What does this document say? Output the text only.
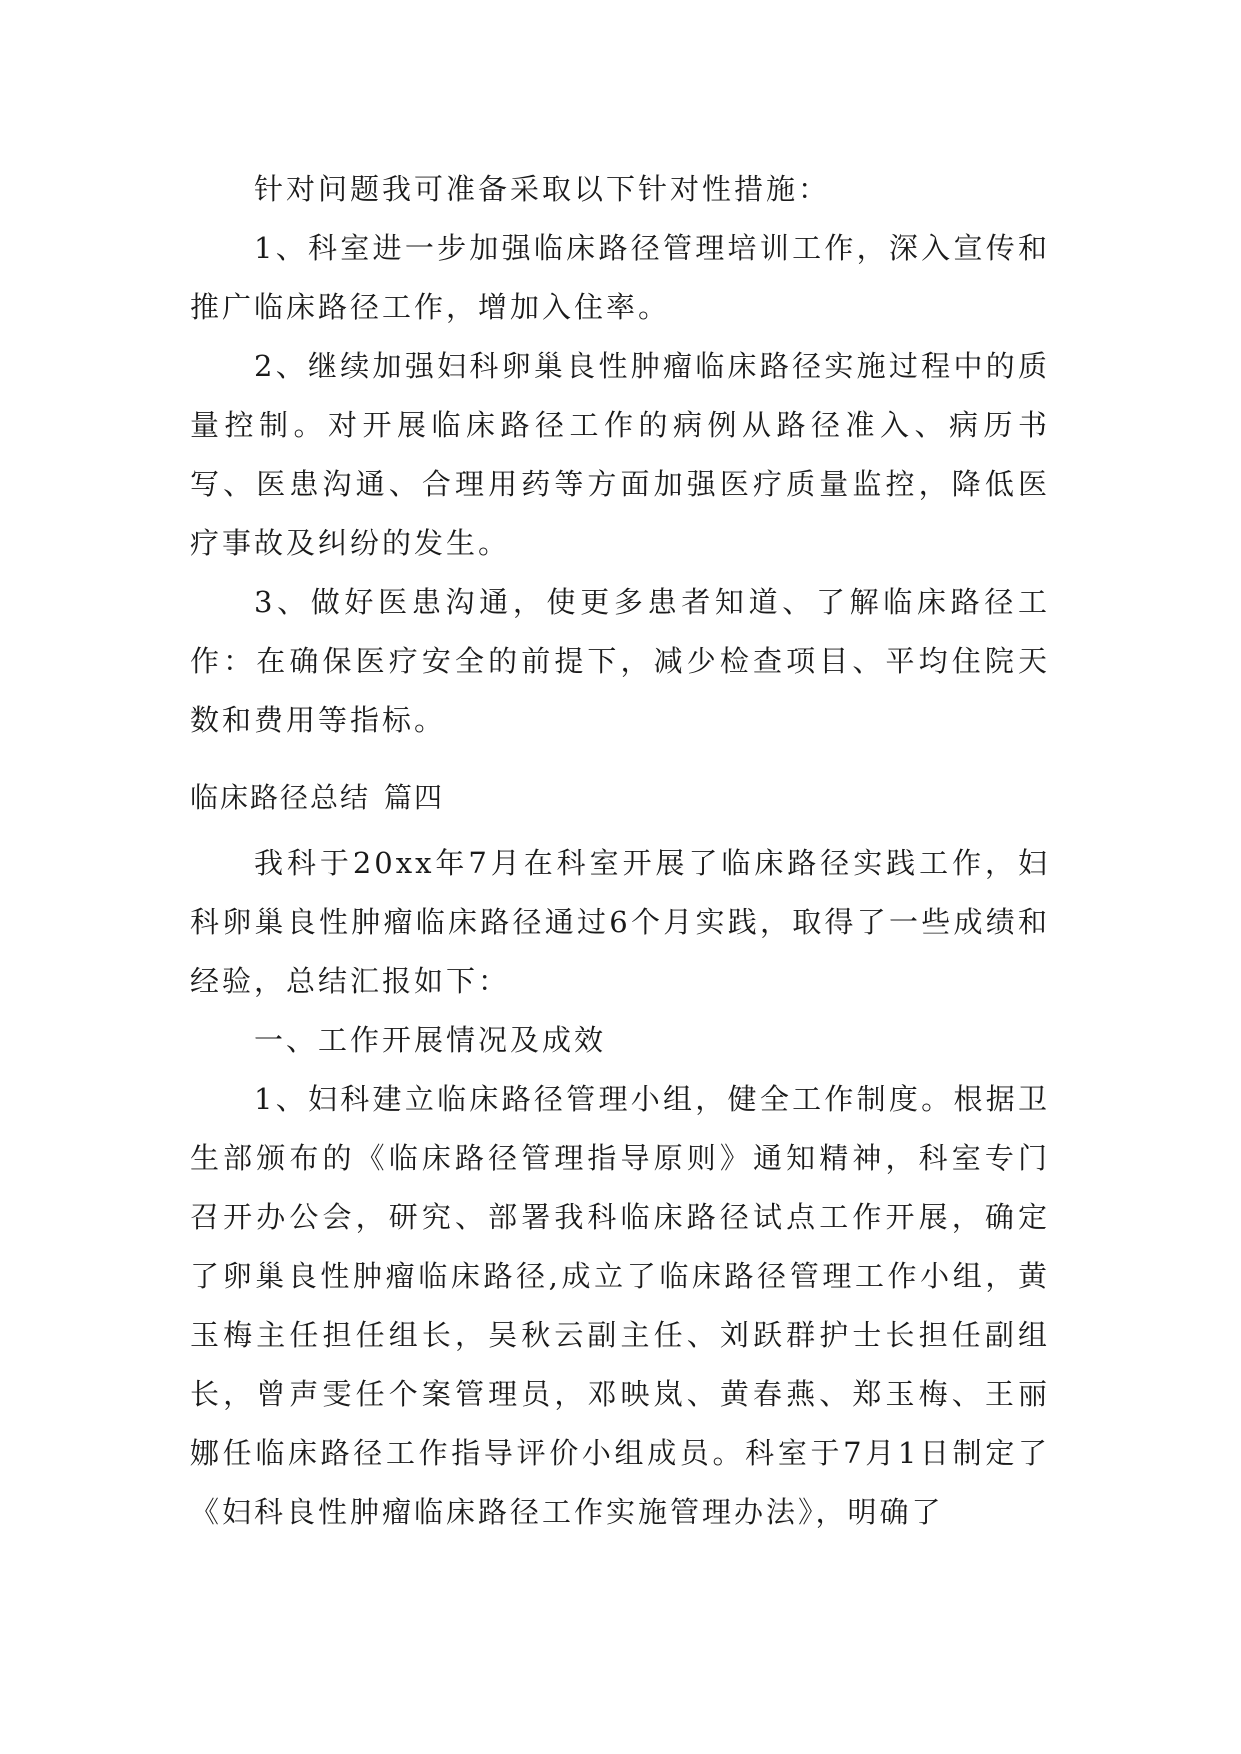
针对问题我可准备采取以下针对性措施：

1、科室进一步加强临床路径管理培训工作，深入宣传和推广临床路径工作，增加入住率。

2、继续加强妇科卵巢良性肿瘤临床路径实施过程中的质量控制。对开展临床路径工作的病例从路径准入、病历书写、医患沟通、合理用药等方面加强医疗质量监控，降低医疗事故及纠纷的发生。

3、做好医患沟通，使更多患者知道、了解临床路径工作：在确保医疗安全的前提下，减少检查项目、平均住院天数和费用等指标。

临床路径总结 篇四

我科于20xx年7月在科室开展了临床路径实践工作，妇科卵巢良性肿瘤临床路径通过6个月实践，取得了一些成绩和经验，总结汇报如下：

一、工作开展情况及成效

1、妇科建立临床路径管理小组，健全工作制度。根据卫生部颁布的《临床路径管理指导原则》通知精神，科室专门召开办公会，研究、部署我科临床路径试点工作开展，确定了卵巢良性肿瘤临床路径,成立了临床路径管理工作小组，黄玉梅主任担任组长，吴秋云副主任、刘跃群护士长担任副组长，曾声雯任个案管理员，邓映岚、黄春燕、郑玉梅、王丽娜任临床路径工作指导评价小组成员。科室于7月1日制定了《妇科良性肿瘤临床路径工作实施管理办法》，明确了
